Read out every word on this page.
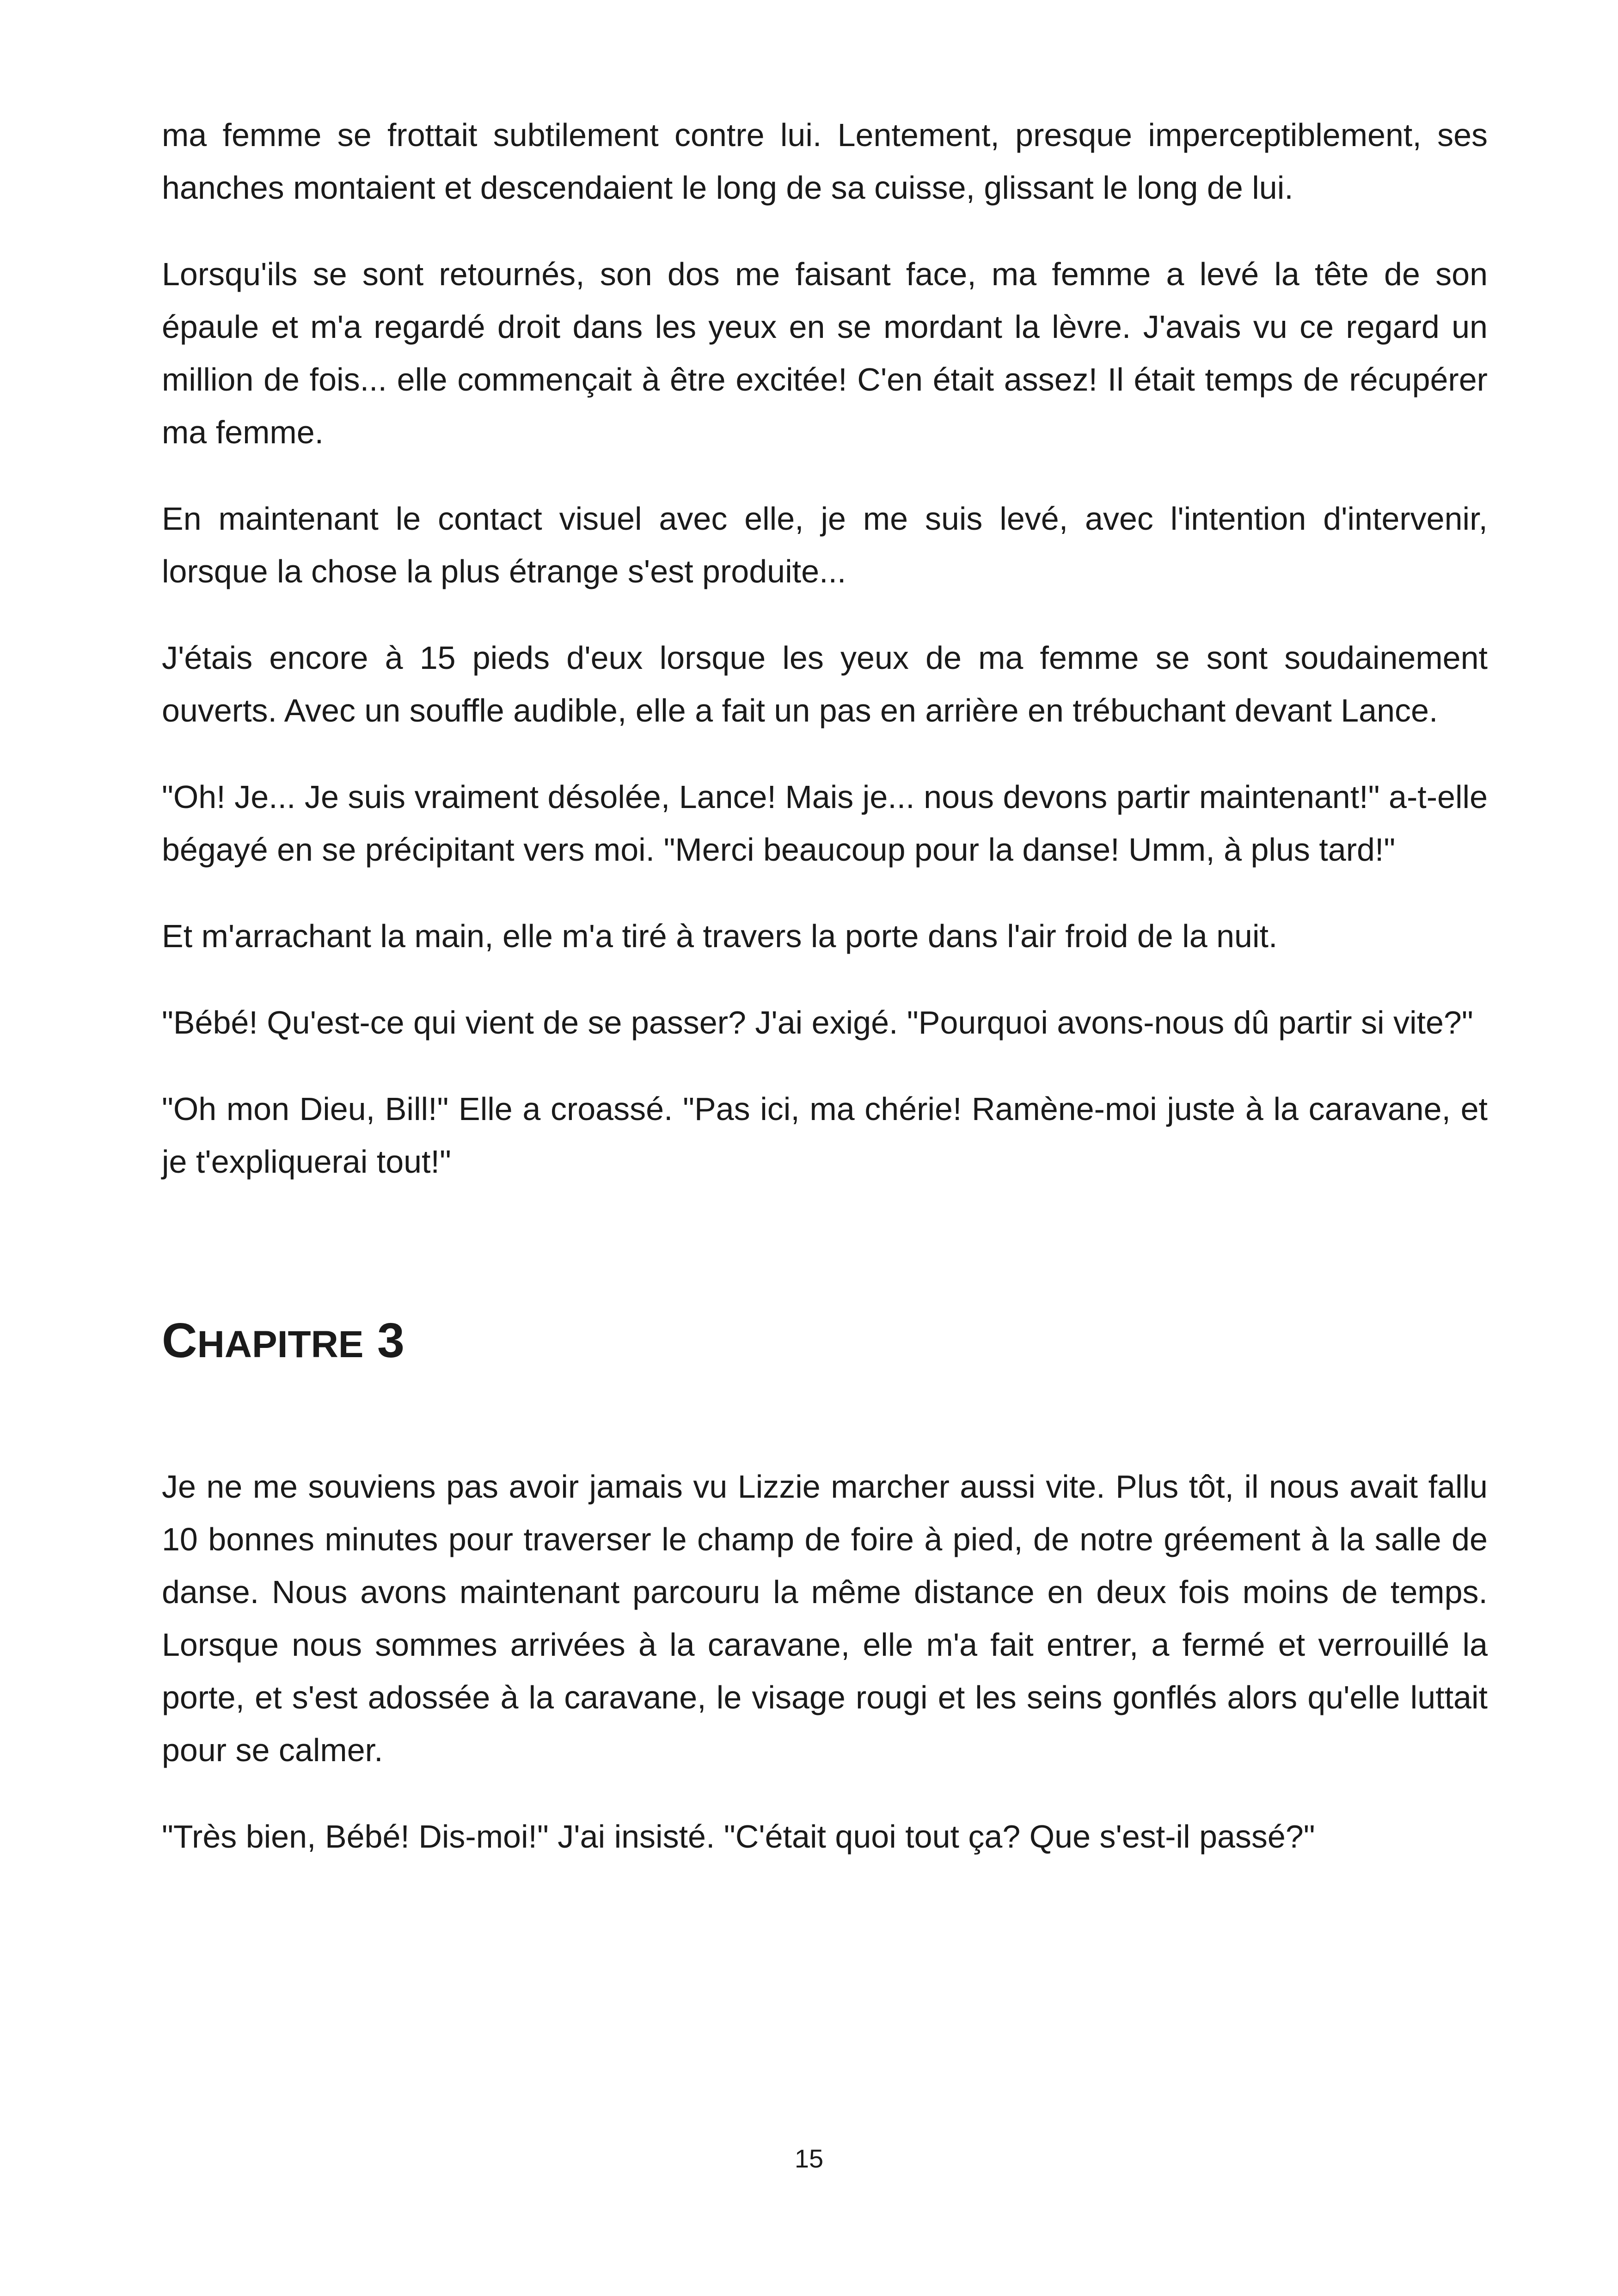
ma femme se frottait subtilement contre lui. Lentement, presque imperceptiblement, ses hanches montaient et descendaient le long de sa cuisse, glissant le long de lui.

Lorsqu'ils se sont retournés, son dos me faisant face, ma femme a levé la tête de son épaule et m'a regardé droit dans les yeux en se mordant la lèvre. J'avais vu ce regard un million de fois... elle commençait à être excitée! C'en était assez! Il était temps de récupérer ma femme.

En maintenant le contact visuel avec elle, je me suis levé, avec l'intention d'intervenir, lorsque la chose la plus étrange s'est produite...

J'étais encore à 15 pieds d'eux lorsque les yeux de ma femme se sont soudainement ouverts. Avec un souffle audible, elle a fait un pas en arrière en trébuchant devant Lance.

"Oh! Je... Je suis vraiment désolée, Lance! Mais je... nous devons partir maintenant!" a-t-elle bégayé en se précipitant vers moi. "Merci beaucoup pour la danse! Umm, à plus tard!"

Et m'arrachant la main, elle m'a tiré à travers la porte dans l'air froid de la nuit.

"Bébé! Qu'est-ce qui vient de se passer? J'ai exigé. "Pourquoi avons-nous dû partir si vite?"

"Oh mon Dieu, Bill!" Elle a croassé. "Pas ici, ma chérie! Ramène-moi juste à la caravane, et je t'expliquerai tout!"

CHAPITRE 3

Je ne me souviens pas avoir jamais vu Lizzie marcher aussi vite. Plus tôt, il nous avait fallu 10 bonnes minutes pour traverser le champ de foire à pied, de notre gréement à la salle de danse. Nous avons maintenant parcouru la même distance en deux fois moins de temps. Lorsque nous sommes arrivées à la caravane, elle m'a fait entrer, a fermé et verrouillé la porte, et s'est adossée à la caravane, le visage rougi et les seins gonflés alors qu'elle luttait pour se calmer.

"Très bien, Bébé! Dis-moi!" J'ai insisté. "C'était quoi tout ça? Que s'est-il passé?"

15
